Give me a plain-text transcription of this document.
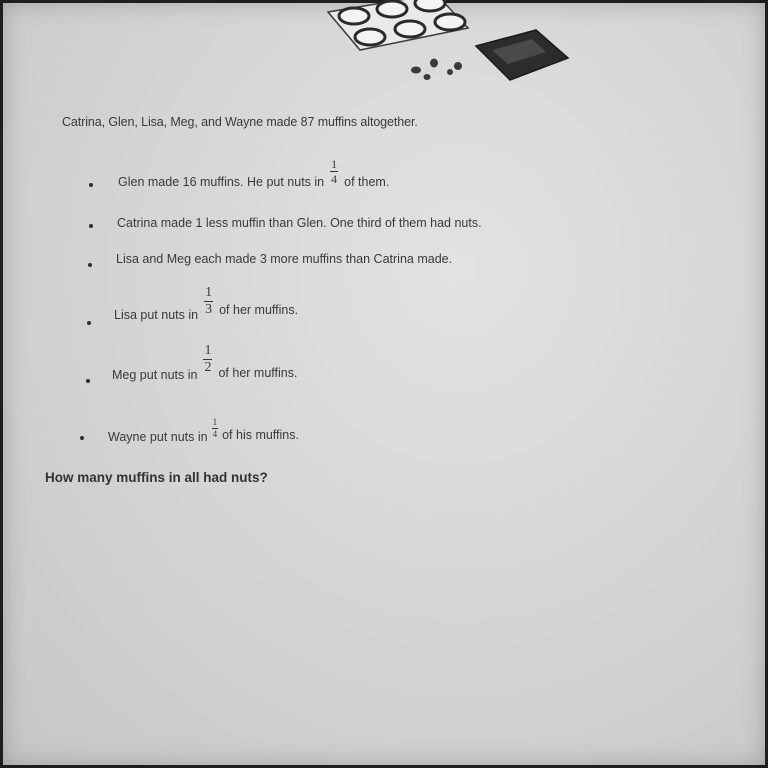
Catrina, Glen, Lisa, Meg, and Wayne made 87 muffins altogether.
Glen made 16 muffins. He put nuts in $\frac{1}{4}$ of them.
Catrina made 1 less muffin than Glen. One third of them had nuts.
Lisa and Meg each made 3 more muffins than Catrina made.
Lisa put nuts in $\frac{1}{3}$ of her muffins.
Meg put nuts in $\frac{1}{2}$ of her muffins.
Wayne put nuts in $\frac{1}{4}$ of his muffins.
How many muffins in all had nuts?
